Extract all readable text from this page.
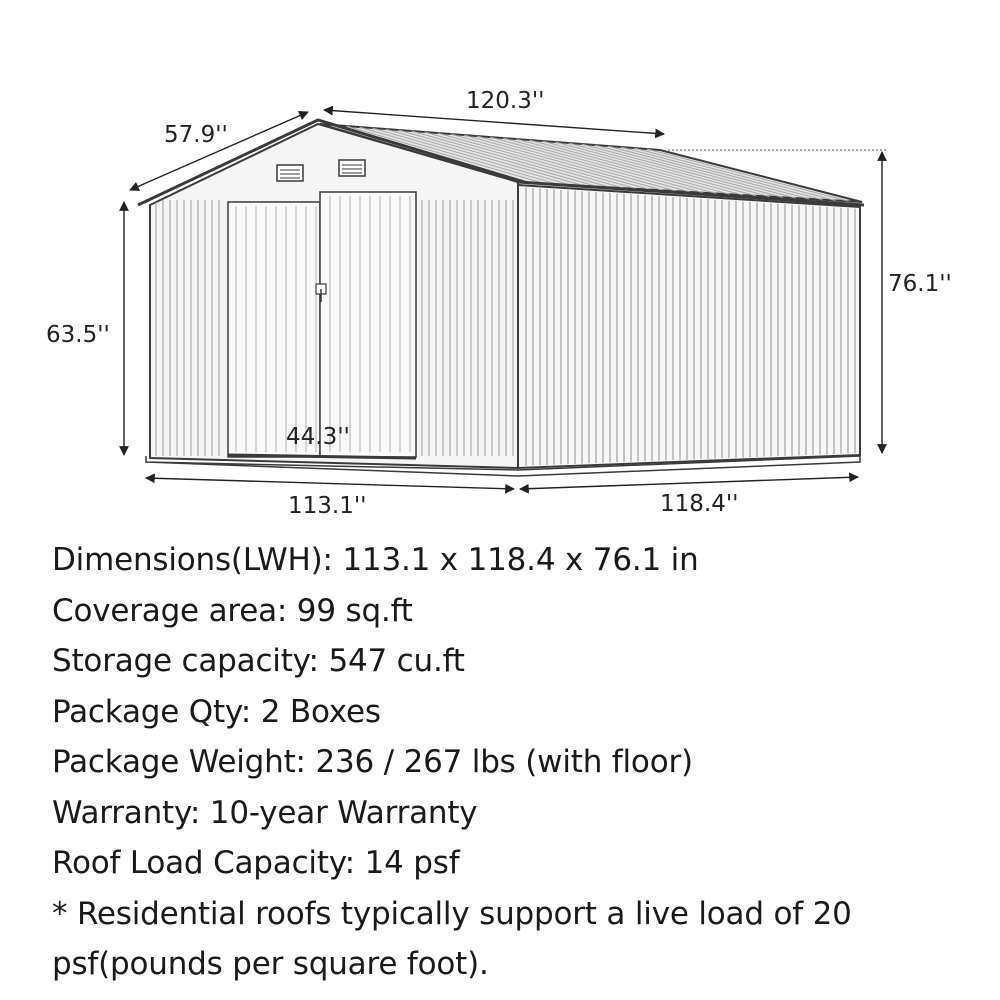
57.9''
120.3''
76.1''
63.5''
44.3''
113.1''	118.4''
Dimensions(LWH): 113.1 x 118.4 x 76.1 in
Coverage area: 99 sq.ft
Storage capacity: 547 cu.ft
Package Qty: 2 Boxes
Package Weight: 236 / 267 lbs (with floor)
Warranty: 10-year Warranty
Roof Load Capacity: 14 psf
* Residential roofs typically support a live load of 20 psf(pounds per square foot).
